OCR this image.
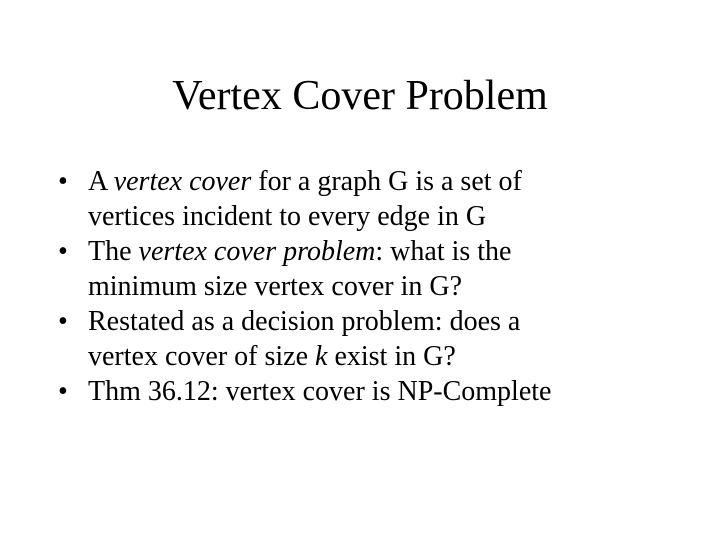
Vertex Cover Problem
• A vertex cover for a graph G is a set of
vertices incident to every edge in G
• The vertex cover problem: what is the
minimum size vertex cover in G?
• Restated as a decision problem: does a
vertex cover of size k exist in G?
• Thm 36.12: vertex cover is NP-Complete
